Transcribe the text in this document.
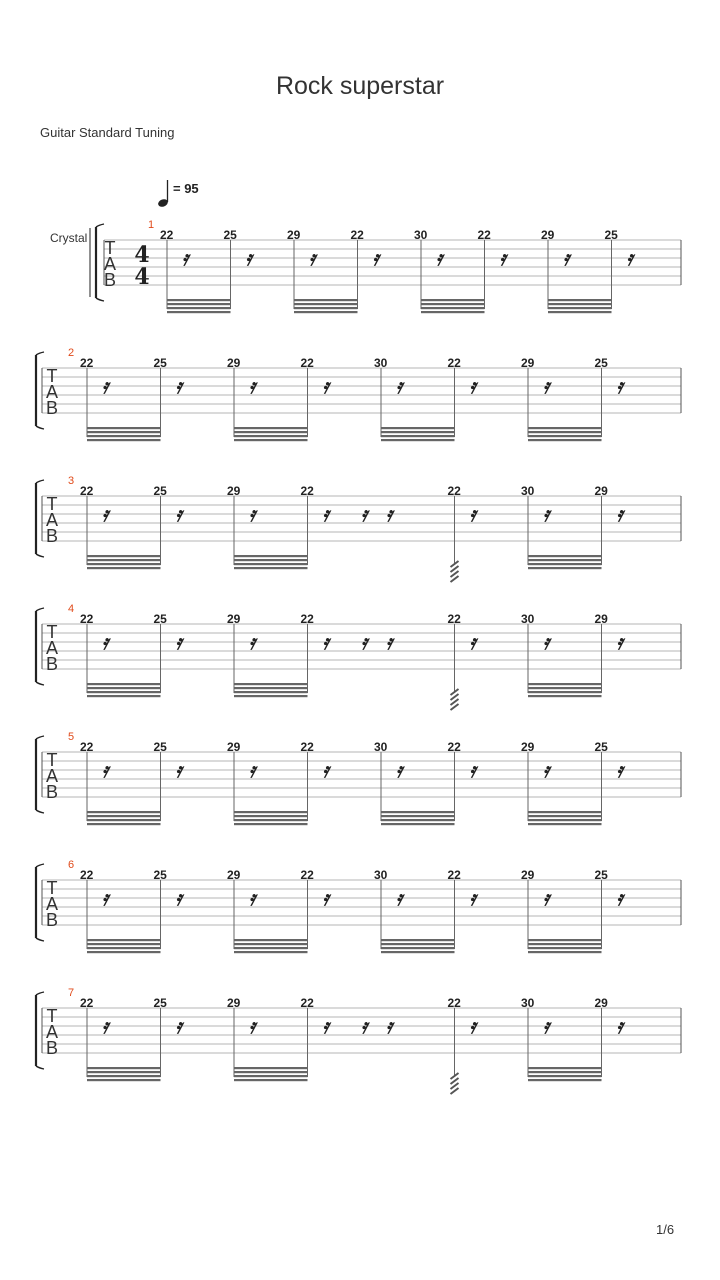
Rock superstar
Guitar Standard Tuning
1/6
= 95
Crystal T
A
B
4
4
1
22	25	29	22	30	22	29	25
𝄿	𝄿	𝄿	𝄿	𝄿	𝄿	𝄿	𝄿
T
A
B
2
22	25	29	22	30	22	29	25
𝄿	𝄿	𝄿	𝄿	𝄿	𝄿	𝄿	𝄿
T
A
B
3
22	25	29	22	22	30	29
𝄿	𝄿	𝄿	𝄿	𝄿	𝄿	𝄿
𝄿 𝄿
T
A
B
4
22	25	29	22	22	30	29
𝄿	𝄿	𝄿	𝄿	𝄿	𝄿	𝄿
𝄿 𝄿
T
A
B
5
22	25	29	22	30	22	29	25
𝄿	𝄿	𝄿	𝄿	𝄿	𝄿	𝄿	𝄿
T
A
B
6
22	25	29	22	30	22	29	25
𝄿	𝄿	𝄿	𝄿	𝄿	𝄿	𝄿	𝄿
T
A
B
7
22	25	29	22	22	30	29
𝄿	𝄿	𝄿	𝄿	𝄿	𝄿	𝄿
𝄿 𝄿
